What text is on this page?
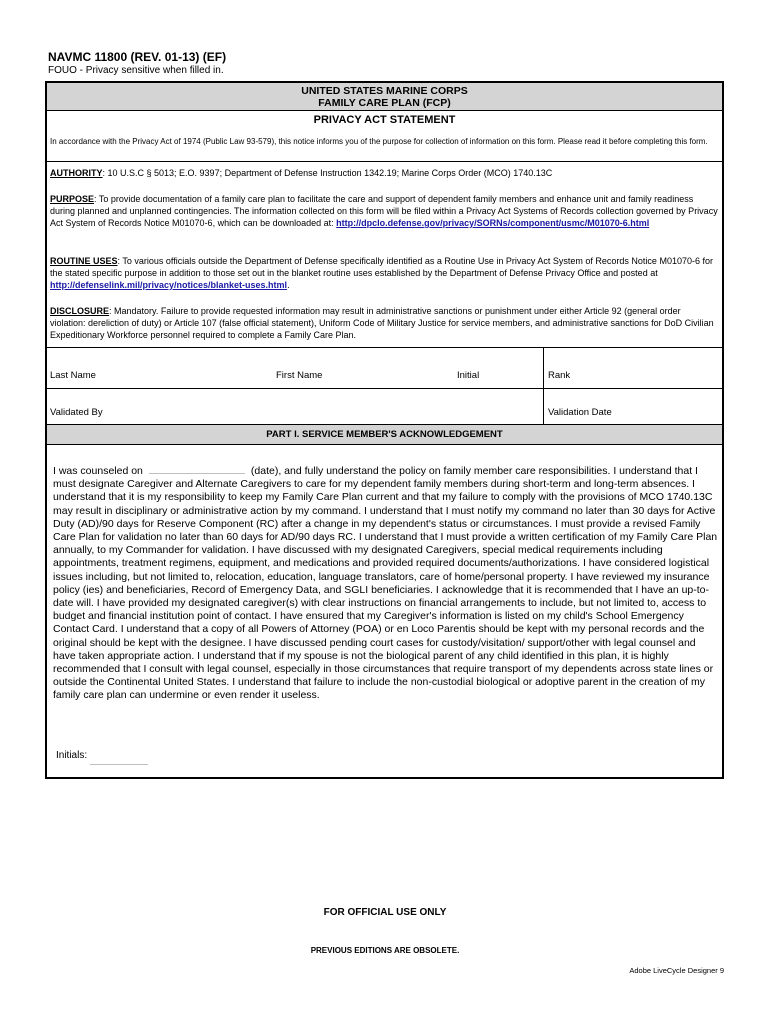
NAVMC 11800 (REV. 01-13) (EF)
FOUO - Privacy sensitive when filled in.
UNITED STATES MARINE CORPS
FAMILY CARE PLAN (FCP)
PRIVACY ACT STATEMENT
In accordance with the Privacy Act of 1974 (Public Law 93-579), this notice informs you of the purpose for collection of information on this form. Please read it before completing this form.
AUTHORITY: 10 U.S.C § 5013; E.O. 9397; Department of Defense Instruction 1342.19; Marine Corps Order (MCO) 1740.13C
PURPOSE: To provide documentation of a family care plan to facilitate the care and support of dependent family members and enhance unit and family readiness during planned and unplanned contingencies. The information collected on this form will be filed within a Privacy Act Systems of Records collection governed by Privacy Act System of Records Notice M01070-6, which can be downloaded at: http://dpclo.defense.gov/privacy/SORNs/component/usmc/M01070-6.html
ROUTINE USES: To various officials outside the Department of Defense specifically identified as a Routine Use in Privacy Act System of Records Notice M01070-6 for the stated specific purpose in addition to those set out in the blanket routine uses established by the Department of Defense Privacy Office and posted at http://defenselink.mil/privacy/notices/blanket-uses.html.
DISCLOSURE: Mandatory. Failure to provide requested information may result in administrative sanctions or punishment under either Article 92 (general order violation: dereliction of duty) or Article 107 (false official statement), Uniform Code of Military Justice for service members, and administrative sanctions for DoD Civilian Expeditionary Workforce personnel required to complete a Family Care Plan.
Last Name	First Name	Initial	Rank
Validated By	Validation Date
PART I. SERVICE MEMBER'S ACKNOWLEDGEMENT
I was counseled on	(date), and fully understand the policy on family member care responsibilities. I understand that I must designate Caregiver and Alternate Caregivers to care for my dependent family members during short-term and long-term absences. I understand that it is my responsibility to keep my Family Care Plan current and that my failure to comply with the provisions of MCO 1740.13C may result in disciplinary or administrative action by my command. I understand that I must notify my command no later than 30 days for Active Duty (AD)/90 days for Reserve Component (RC) after a change in my dependent's status or circumstances. I must provide a revised Family Care Plan for validation no later than 60 days for AD/90 days RC. I understand that I must provide a written certification of my Family Care Plan annually, to my Commander for validation. I have discussed with my designated Caregivers, special medical requirements including appointments, treatment regimens, equipment, and medications and provided required documents/authorizations. I have considered logistical issues including, but not limited to, relocation, education, language translators, care of home/personal property. I have reviewed my insurance policy (ies) and beneficiaries, Record of Emergency Data, and SGLI beneficiaries. I acknowledge that it is recommended that I have an up-to-date will. I have provided my designated caregiver(s) with clear instructions on financial arrangements to include, but not limited to, access to budget and financial institution point of contact. I have ensured that my Caregiver's information is listed on my child's School Emergency Contact Card. I understand that a copy of all Powers of Attorney (POA) or en Loco Parentis should be kept with my personal records and the original should be kept with the designee. I have discussed pending court cases for custody/visitation/ support/other with legal counsel and have taken appropriate action. I understand that if my spouse is not the biological parent of any child identified in this plan, it is highly recommended that I consult with legal counsel, especially in those circumstances that require transport of my dependents across state lines or outside the Continental United States. I understand that failure to include the non-custodial biological or adoptive parent in the creation of my family care plan can undermine or even render it useless.
Initials:
FOR OFFICIAL USE ONLY
PREVIOUS EDITIONS ARE OBSOLETE.
Adobe LiveCycle Designer 9
